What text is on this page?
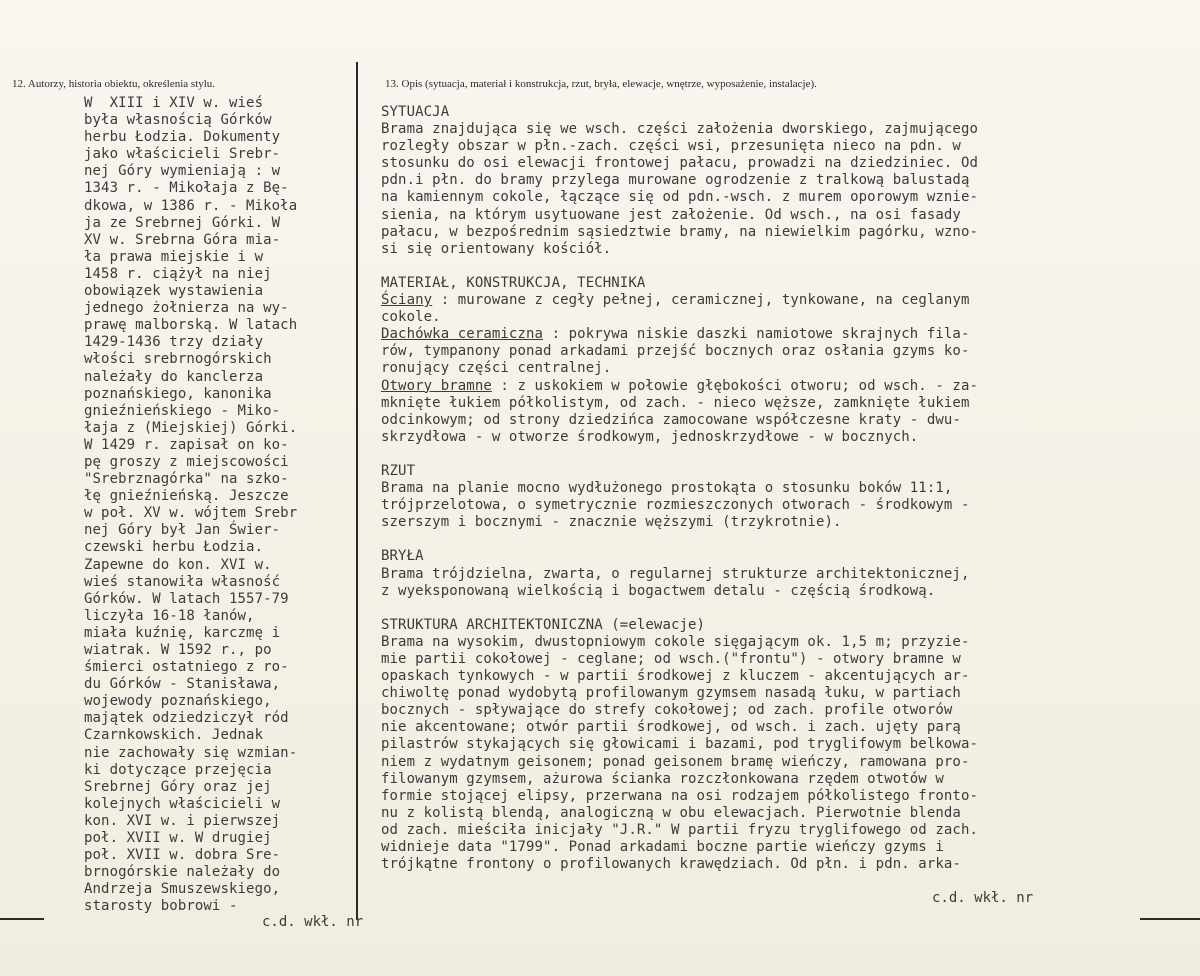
12. Autorzy, historia obiektu, określenia stylu.	13. Opis (sytuacja, materiał i konstrukcja, rzut, bryła, elewacje, wnętrze, wyposażenie, instalacje).
W  XIII i XIV w. wieś
była własnością Górków
herbu Łodzia. Dokumenty
jako właścicieli Srebr-
nej Góry wymieniają : w
1343 r. - Mikołaja z Bę-
dkowa, w 1386 r. - Mikoła
ja ze Srebrnej Górki. W
XV w. Srebrna Góra mia-
ła prawa miejskie i w
1458 r. ciążył na niej
obowiązek wystawienia
jednego żołnierza na wy-
prawę malborską. W latach
1429-1436 trzy działy
włości srebrnogórskich
należały do kanclerza
poznańskiego, kanonika
gnieźnieńskiego - Miko-
łaja z (Miejskiej) Górki.
W 1429 r. zapisał on ko-
pę groszy z miejscowości
"Srebrznagórka" na szko-
łę gnieźnieńską. Jeszcze
w poł. XV w. wójtem Srebr
nej Góry był Jan Świer-
czewski herbu Łodzia.
Zapewne do kon. XVI w.
wieś stanowiła własność
Górków. W latach 1557-79
liczyła 16-18 łanów,
miała kuźnię, karczmę i
wiatrak. W 1592 r., po
śmierci ostatniego z ro-
du Górków - Stanisława,
wojewody poznańskiego,
majątek odziedziczył ród
Czarnkowskich. Jednak
nie zachowały się wzmian-
ki dotyczące przejęcia
Srebrnej Góry oraz jej
kolejnych właścicieli w
kon. XVI w. i pierwszej
poł. XVII w. W drugiej
poł. XVII w. dobra Sre-
brnogórskie należały do
Andrzeja Smuszewskiego,
starosty bobrowi -
c.d. wkł. nr
SYTUACJA
Brama znajdująca się we wsch. części założenia dworskiego, zajmującego
rozległy obszar w płn.-zach. części wsi, przesunięta nieco na pdn. w
stosunku do osi elewacji frontowej pałacu, prowadzi na dziedziniec. Od
pdn.i płn. do bramy przylega murowane ogrodzenie z tralkową balustadą
na kamiennym cokole, łączące się od pdn.-wsch. z murem oporowym wznie-
sienia, na którym usytuowane jest założenie. Od wsch., na osi fasady
pałacu, w bezpośrednim sąsiedztwie bramy, na niewielkim pagórku, wzno-
si się orientowany kościół.
MATERIAŁ, KONSTRUKCJA, TECHNIKA
Ściany : murowane z cegły pełnej, ceramicznej, tynkowane, na ceglanym
cokole.
Dachówka ceramiczna : pokrywa niskie daszki namiotowe skrajnych fila-
rów, tympanony ponad arkadami przejść bocznych oraz osłania gzyms ko-
ronujący części centralnej.
Otwory bramne : z uskokiem w połowie głębokości otworu; od wsch. - za-
mknięte łukiem półkolistym, od zach. - nieco węższe, zamknięte łukiem
odcinkowym; od strony dziedzińca zamocowane współczesne kraty - dwu-
skrzydłowa - w otworze środkowym, jednoskrzydłowe - w bocznych.
RZUT
Brama na planie mocno wydłużonego prostokąta o stosunku boków 11:1,
trójprzelotowa, o symetrycznie rozmieszczonych otworach - środkowym -
szerszym i bocznymi - znacznie węższymi (trzykrotnie).
BRYŁA
Brama trójdzielna, zwarta, o regularnej strukturze architektonicznej,
z wyeksponowaną wielkością i bogactwem detalu - częścią środkową.
STRUKTURA ARCHITEKTONICZNA (=elewacje)
Brama na wysokim, dwustopniowym cokole sięgającym ok. 1,5 m; przyzie-
mie partii cokołowej - ceglane; od wsch.("frontu") - otwory bramne w
opaskach tynkowych - w partii środkowej z kluczem - akcentujących ar-
chiwoltę ponad wydobytą profilowanym gzymsem nasadą łuku, w partiach
bocznych - spływające do strefy cokołowej; od zach. profile otworów
nie akcentowane; otwór partii środkowej, od wsch. i zach. ujęty parą
pilastrów stykających się głowicami i bazami, pod tryglifowym belkowa-
niem z wydatnym geisonem; ponad geisonem bramę wieńczy, ramowana pro-
filowanym gzymsem, ażurowa ścianka rozczłonkowana rzędem otwotów w
formie stojącej elipsy, przerwana na osi rodzajem półkolistego fronto-
nu z kolistą blendą, analogiczną w obu elewacjach. Pierwotnie blenda
od zach. mieściła inicjały "J.R." W partii fryzu tryglifowego od zach.
widnieje data "1799". Ponad arkadami boczne partie wieńczy gzyms i
trójkątne frontony o profilowanych krawędziach. Od płn. i pdn. arka-
c.d. wkł. nr
